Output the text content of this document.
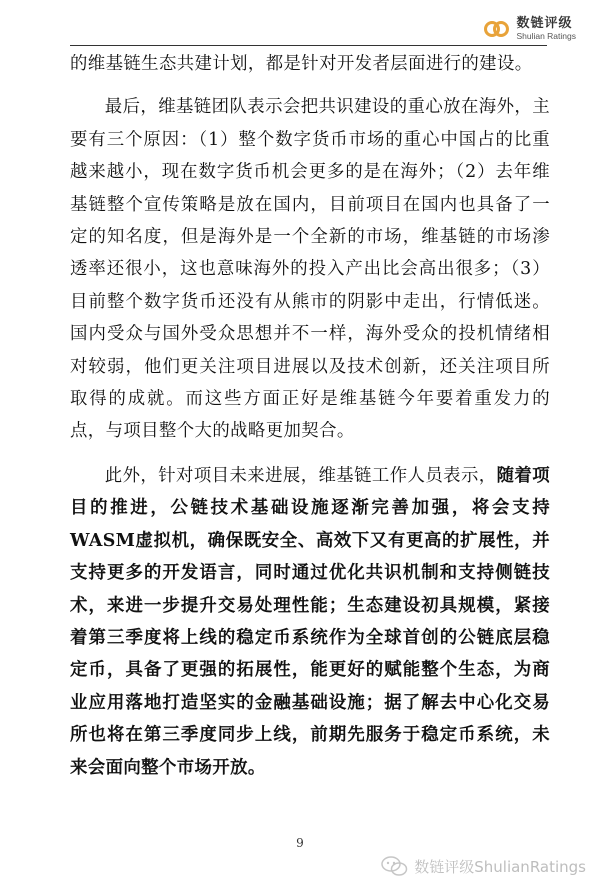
数链评级
Shulian Ratings

的维基链生态共建计划，都是针对开发者层面进行的建设。

最后，维基链团队表示会把共识建设的重心放在海外，主要有三个原因：（1）整个数字货币市场的重心中国占的比重越来越小，现在数字货币机会更多的是在海外；（2）去年维基链整个宣传策略是放在国内，目前项目在国内也具备了一定的知名度，但是海外是一个全新的市场，维基链的市场渗透率还很小，这也意味海外的投入产出比会高出很多；（3）目前整个数字货币还没有从熊市的阴影中走出，行情低迷。国内受众与国外受众思想并不一样，海外受众的投机情绪相对较弱，他们更关注项目进展以及技术创新，还关注项目所取得的成就。而这些方面正好是维基链今年要着重发力的点，与项目整个大的战略更加契合。

此外，针对项目未来进展，维基链工作人员表示，随着项目的推进，公链技术基础设施逐渐完善加强，将会支持WASM虚拟机，确保既安全、高效下又有更高的扩展性，并支持更多的开发语言，同时通过优化共识机制和支持侧链技术，来进一步提升交易处理性能；生态建设初具规模，紧接着第三季度将上线的稳定币系统作为全球首创的公链底层稳定币，具备了更强的拓展性，能更好的赋能整个生态，为商业应用落地打造坚实的金融基础设施；据了解去中心化交易所也将在第三季度同步上线，前期先服务于稳定币系统，未来会面向整个市场开放。

9
数链评级ShulianRatings
